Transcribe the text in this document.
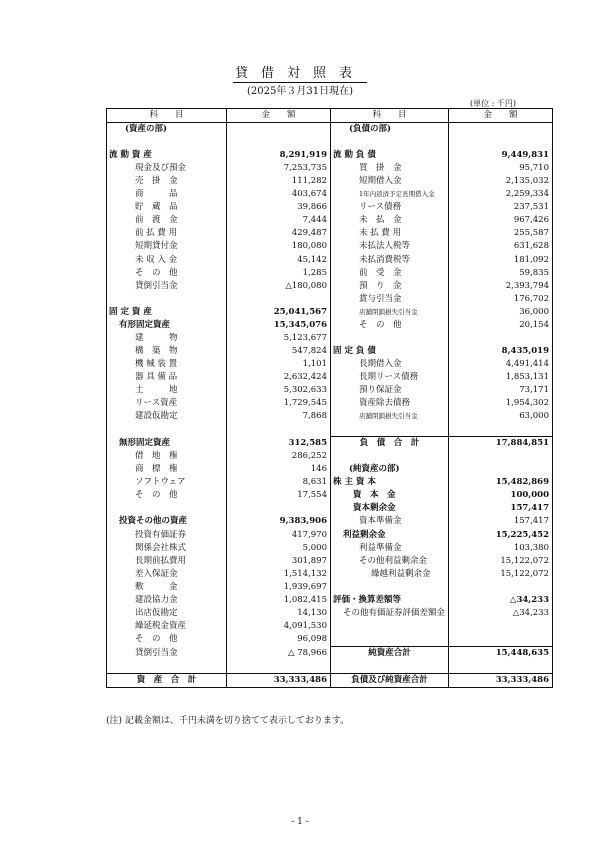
貸借対照表
(2025年３月31日現在)
(単位 : 千円)
科　　目	金　　額	科　　目	金　　額
(資産の部)		(負債の部)	

流 動 資 産	8,291,919	流 動 負 債	9,449,831
現金及び預金	7,253,735	買　掛　金	95,710
売　掛　金	111,282	短期借入金	2,135,032
商　　　品	403,674	1年内返済予定長期借入金	2,259,334
貯　蔵　品	39,866	リース債務	237,531
前　渡　金	7,444	未　払　金	967,426
前 払 費 用	429,487	未 払 費 用	255,587
短期貸付金	180,080	未払法人税等	631,628
未 収 入 金	45,142	未払消費税等	181,092
そ　の　他	1,285	前　受　金	59,835
貸倒引当金	△180,080	預　り　金	2,393,794
		賞与引当金	176,702
固 定 資 産	25,041,567	店舗閉鎖損失引当金	36,000
有形固定資産	15,345,076	そ　の　他	20,154
建　　　物	5,123,677		
構　築　物	547,824	固 定 負 債	8,435,019
機 械 装 置	1,101	長期借入金	4,491,414
器 具 備 品	2,632,424	長期リース債務	1,853,131
土　　　地	5,302,633	預り保証金	73,171
リース資産	1,729,545	資産除去債務	1,954,302
建設仮勘定	7,868	店舗閉鎖損失引当金	63,000

無形固定資産	312,585	負　債　合　計	17,884,851
借　地　権	286,252		
商　標　権	146	(純資産の部)	
ソフトウェア	8,631	株 主 資 本	15,482,869
そ　の　他	17,554	資　本　金	100,000
		資本剰余金	157,417
投資その他の資産	9,383,906	資本準備金	157,417
投資有価証券	417,970	利益剰余金	15,225,452
関係会社株式	5,000	利益準備金	103,380
長期前払費用	301,897	その他利益剰余金	15,122,072
差入保証金	1,514,132	繰越利益剰余金	15,122,072
敷　　　金	1,939,697		
建設協力金	1,082,415	評価・換算差額等	△34,233
出店仮勘定	14,130	その他有価証券評価差額金	△34,233
繰延税金資産	4,091,530		
そ　の　他	96,098		
貸倒引当金	△ 78,966	純資産合計	15,448,635

資　産　合　計	33,333,486	負債及び純資産合計	33,333,486
(注) 記載金額は、千円未満を切り捨てて表示しております。
- 1 -
